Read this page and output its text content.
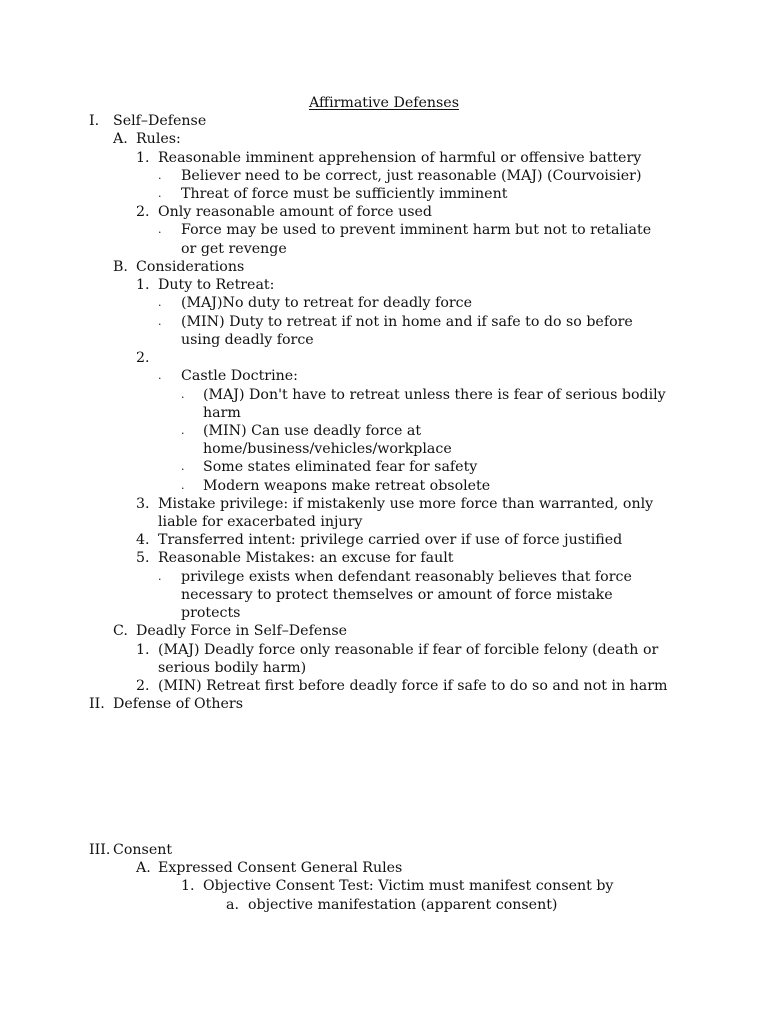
Affirmative Defenses
I. Self–Defense
A. Rules:
1. Reasonable imminent apprehension of harmful or offensive battery
. Believer need to be correct, just reasonable (MAJ) (Courvoisier)
. Threat of force must be sufficiently imminent
2. Only reasonable amount of force used
. Force may be used to prevent imminent harm but not to retaliate
or get revenge
B. Considerations
1. Duty to Retreat:
. (MAJ)No duty to retreat for deadly force
. (MIN) Duty to retreat if not in home and if safe to do so before
using deadly force
2.
. Castle Doctrine:
. (MAJ) Don't have to retreat unless there is fear of serious bodily
harm
. (MIN) Can use deadly force at
home/business/vehicles/workplace
. Some states eliminated fear for safety
. Modern weapons make retreat obsolete
3. Mistake privilege: if mistakenly use more force than warranted, only
liable for exacerbated injury
4. Transferred intent: privilege carried over if use of force justified
5. Reasonable Mistakes: an excuse for fault
. privilege exists when defendant reasonably believes that force
necessary to protect themselves or amount of force mistake
protects
C. Deadly Force in Self–Defense
1. (MAJ) Deadly force only reasonable if fear of forcible felony (death or
serious bodily harm)
2. (MIN) Retreat first before deadly force if safe to do so and not in harm
II. Defense of Others
III. Consent
A. Expressed Consent General Rules
1. Objective Consent Test: Victim must manifest consent by
a. objective manifestation (apparent consent)
